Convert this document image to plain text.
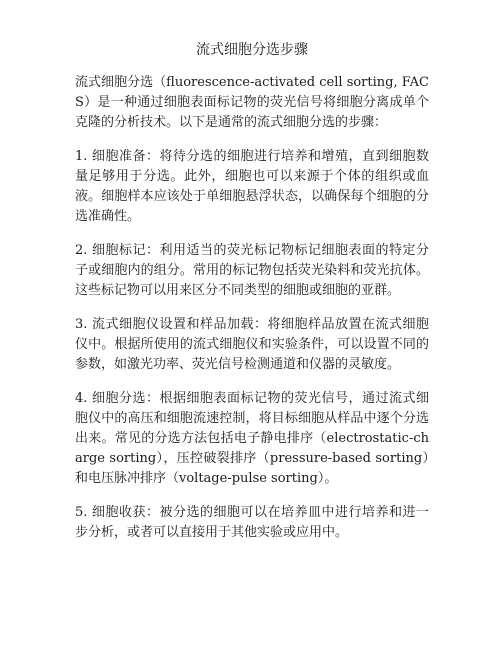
流式细胞分选步骤

流式细胞分选（fluorescence-activated cell sorting, FACS）是一种通过细胞表面标记物的荧光信号将细胞分离成单个克隆的分析技术。以下是通常的流式细胞分选的步骤：

1. 细胞准备：将待分选的细胞进行培养和增殖，直到细胞数量足够用于分选。此外，细胞也可以来源于个体的组织或血液。细胞样本应该处于单细胞悬浮状态，以确保每个细胞的分选准确性。

2. 细胞标记：利用适当的荧光标记物标记细胞表面的特定分子或细胞内的组分。常用的标记物包括荧光染料和荧光抗体。这些标记物可以用来区分不同类型的细胞或细胞的亚群。

3. 流式细胞仪设置和样品加载：将细胞样品放置在流式细胞仪中。根据所使用的流式细胞仪和实验条件，可以设置不同的参数，如激光功率、荧光信号检测通道和仪器的灵敏度。

4. 细胞分选：根据细胞表面标记物的荧光信号，通过流式细胞仪中的高压和细胞流速控制，将目标细胞从样品中逐个分选出来。常见的分选方法包括电子静电排序（electrostatic-charge sorting），压控破裂排序（pressure-based sorting）和电压脉冲排序（voltage-pulse sorting）。

5. 细胞收获：被分选的细胞可以在培养皿中进行培养和进一步分析，或者可以直接用于其他实验或应用中。
